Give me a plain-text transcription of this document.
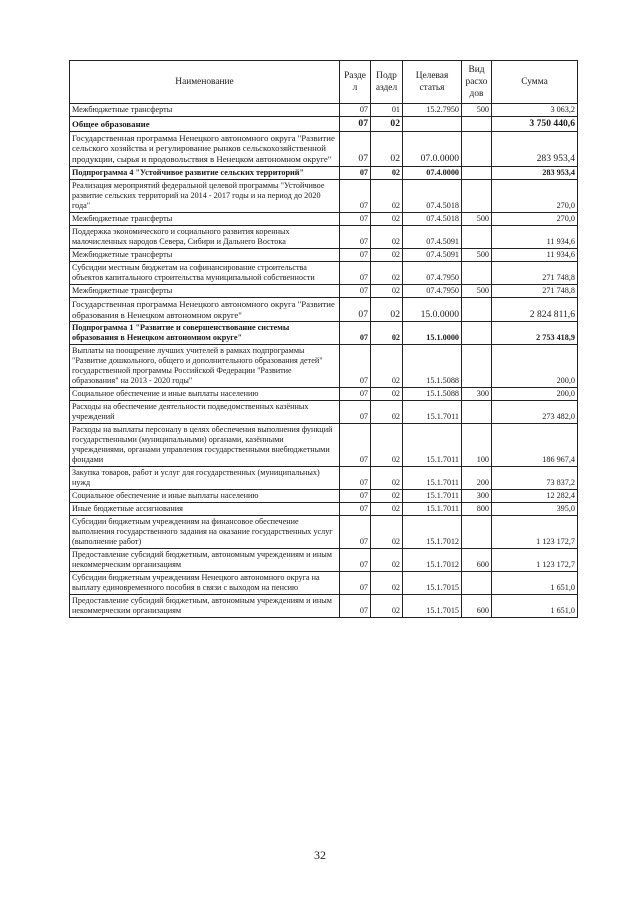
Наименование	Разде л	Подр аздел	Целевая статья	Вид расхо дов	Сумма
Межбюджетные трансферты	07	01	15.2.7950	500	3 063,2
Общее образование	07	02			3 750 440,6
Государственная программа Ненецкого автономного округа "Развитие сельского хозяйства и регулирование рынков сельскохозяйственной продукции, сырья и продовольствия в Ненецком автономном округе"	07	02	07.0.0000		283 953,4
Подпрограмма 4 "Устойчивое развитие сельских территорий"	07	02	07.4.0000		283 953,4
Реализация мероприятий федеральной целевой программы "Устойчивое развитие сельских территорий на 2014 - 2017 годы и на период до 2020 года"	07	02	07.4.5018		270,0
Межбюджетные трансферты	07	02	07.4.5018	500	270,0
Поддержка экономического и социального развития коренных малочисленных народов Севера, Сибири и Дальнего Востока	07	02	07.4.5091		11 934,6
Межбюджетные трансферты	07	02	07.4.5091	500	11 934,6
Субсидии местным бюджетам на софинансирование строительства объектов капитального строительства муниципальной собственности	07	02	07.4.7950		271 748,8
Межбюджетные трансферты	07	02	07.4.7950	500	271 748,8
Государственная программа Ненецкого автономного округа "Развитие образования в Ненецком автономном округе"	07	02	15.0.0000		2 824 811,6
Подпрограмма 1 "Развитие и совершенствование системы образования в Ненецком автономном округе"	07	02	15.1.0000		2 753 418,9
Выплаты на поощрение лучших учителей в рамках подпрограммы "Развитие дошкольного, общего и дополнительного образования детей" государственной программы Российской Федерации "Развитие образования" на 2013 - 2020 годы"	07	02	15.1.5088		200,0
Социальное обеспечение и иные выплаты населению	07	02	15.1.5088	300	200,0
Расходы на обеспечение деятельности подведомственных казённых учреждений	07	02	15.1.7011		273 482,0
Расходы на выплаты персоналу в целях обеспечения выполнения функций государственными (муниципальными) органами, казёнными учреждениями, органами управления государственными внебюджетными фондами	07	02	15.1.7011	100	186 967,4
Закупка товаров, работ и услуг для государственных (муниципальных) нужд	07	02	15.1.7011	200	73 837,2
Социальное обеспечение и иные выплаты населению	07	02	15.1.7011	300	12 282,4
Иные бюджетные ассигнования	07	02	15.1.7011	800	395,0
Субсидии бюджетным учреждениям на финансовое обеспечение выполнения государственного задания на оказание государственных услуг (выполнение работ)	07	02	15.1.7012		1 123 172,7
Предоставление субсидий бюджетным, автономным учреждениям и иным некоммерческим организациям	07	02	15.1.7012	600	1 123 172,7
Субсидии бюджетным учреждениям Ненецкого автономного округа на выплату единовременного пособия в связи с выходом на пенсию	07	02	15.1.7015		1 651,0
Предоставление субсидий бюджетным, автономным учреждениям и иным некоммерческим организациям	07	02	15.1.7015	600	1 651,0
32
